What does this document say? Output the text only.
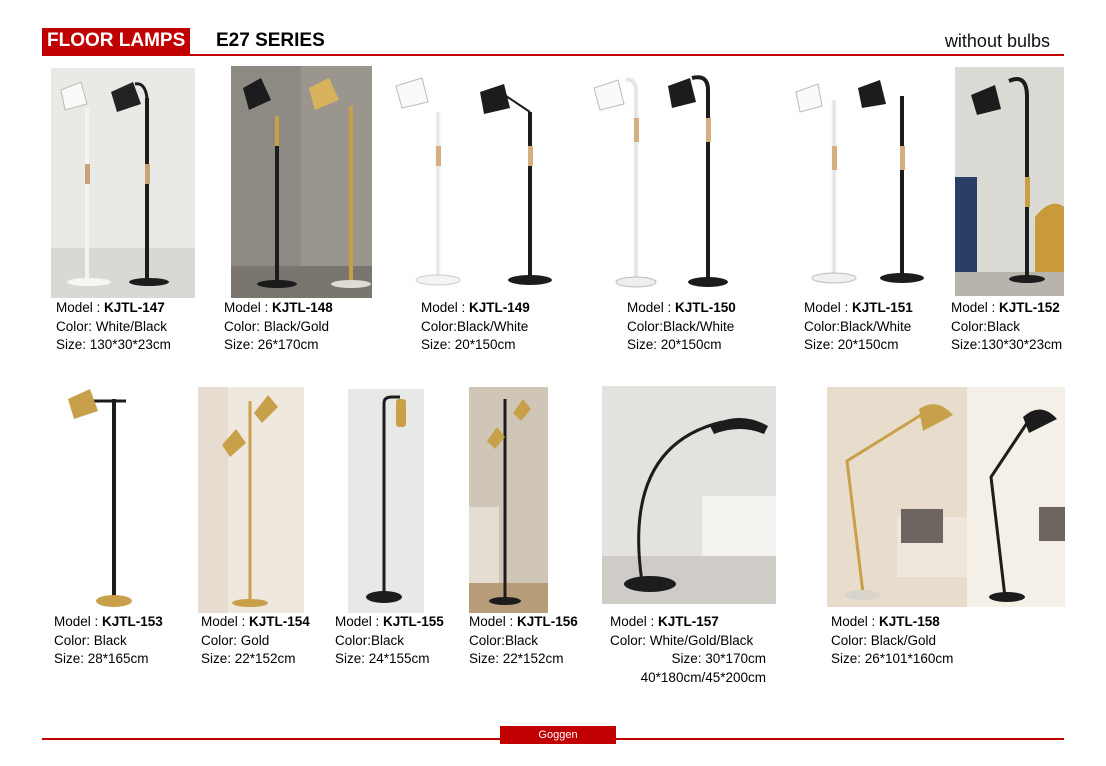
FLOOR LAMPS E27 SERIES	without bulbs
Model : KJTL-147
Color: White/Black
Size: 130*30*23cm
Model : KJTL-148
Color: Black/Gold
Size: 26*170cm
Model : KJTL-149
Color:Black/White
Size: 20*150cm
Model : KJTL-150
Color:Black/White
Size: 20*150cm
Model : KJTL-151
Color:Black/White
Size: 20*150cm
Model : KJTL-152
Color:Black
Size:130*30*23cm
Model : KJTL-153
Color: Black
Size: 28*165cm
Model : KJTL-154
Color: Gold
Size: 22*152cm
Model : KJTL-155
Color:Black
Size: 24*155cm
Model : KJTL-156
Color:Black
Size: 22*152cm
Model : KJTL-157
Color: White/Gold/Black
Size: 30*170cm
40*180cm/45*200cm
Model : KJTL-158
Color: Black/Gold
Size: 26*101*160cm
Goggen
